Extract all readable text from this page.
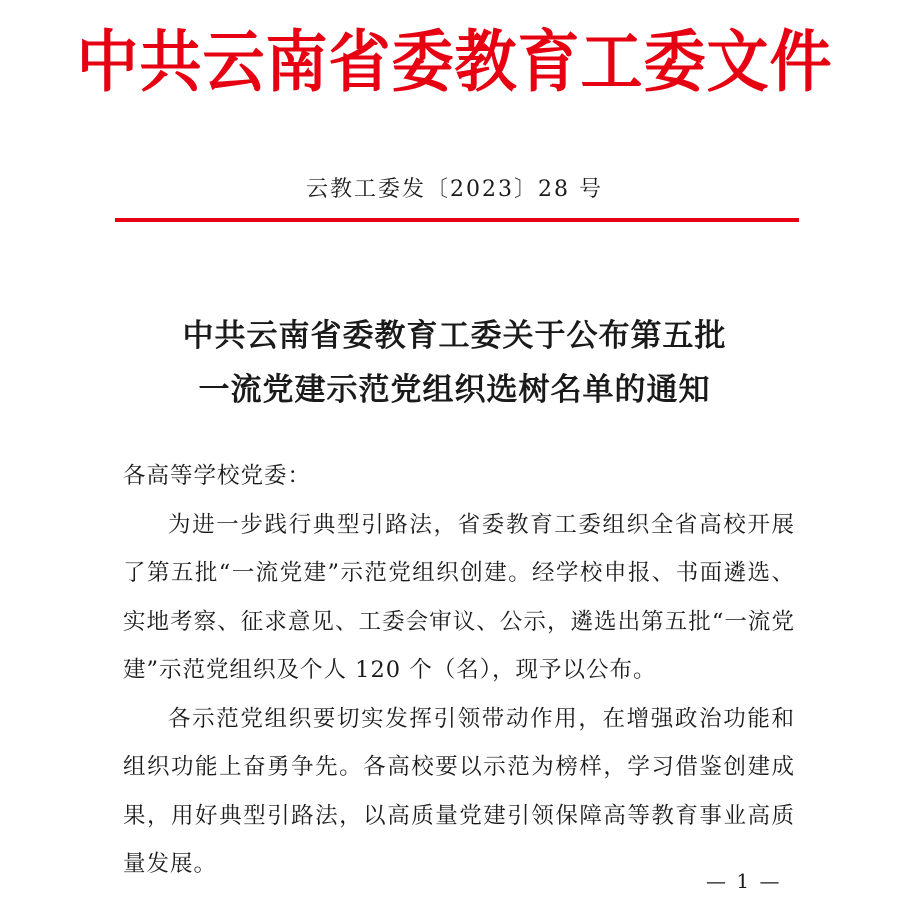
中共云南省委教育工委文件
云教工委发〔2023〕28 号
中共云南省委教育工委关于公布第五批
一流党建示范党组织选树名单的通知

各高等学校党委：

为进一步践行典型引路法，省委教育工委组织全省高校开展了第五批“一流党建”示范党组织创建。经学校申报、书面遴选、实地考察、征求意见、工委会审议、公示，遴选出第五批“一流党建”示范党组织及个人 120 个（名），现予以公布。

各示范党组织要切实发挥引领带动作用，在增强政治功能和组织功能上奋勇争先。各高校要以示范为榜样，学习借鉴创建成果，用好典型引路法，以高质量党建引领保障高等教育事业高质量发展。

— 1 —
